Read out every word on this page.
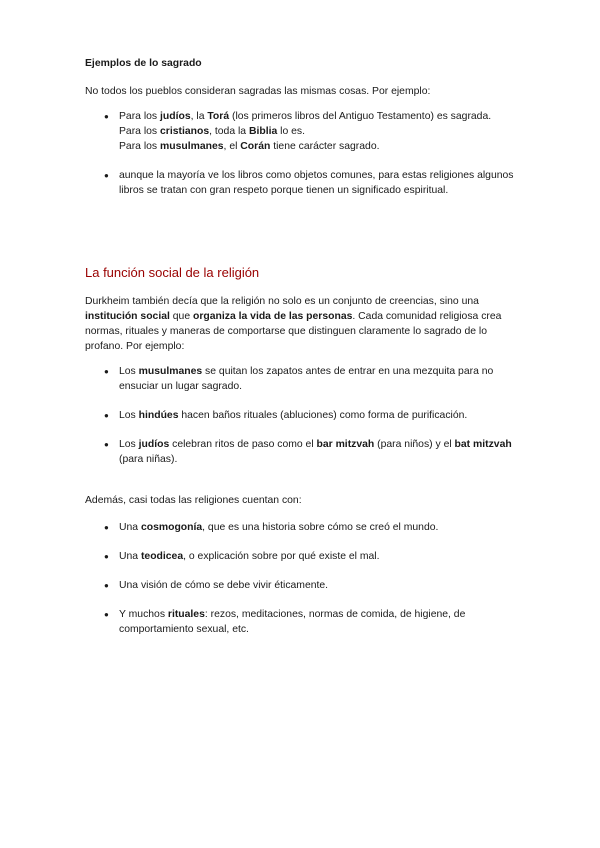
Ejemplos de lo sagrado

No todos los pueblos consideran sagradas las mismas cosas. Por ejemplo:

● Para los judíos, la Torá (los primeros libros del Antiguo Testamento) es sagrada.
Para los cristianos, toda la Biblia lo es.
Para los musulmanes, el Corán tiene carácter sagrado.
● aunque la mayoría ve los libros como objetos comunes, para estas religiones algunos libros se tratan con gran respeto porque tienen un significado espiritual.

La función social de la religión

Durkheim también decía que la religión no solo es un conjunto de creencias, sino una institución social que organiza la vida de las personas. Cada comunidad religiosa crea normas, rituales y maneras de comportarse que distinguen claramente lo sagrado de lo profano. Por ejemplo:

● Los musulmanes se quitan los zapatos antes de entrar en una mezquita para no ensuciar un lugar sagrado.
● Los hindúes hacen baños rituales (abluciones) como forma de purificación.
● Los judíos celebran ritos de paso como el bar mitzvah (para niños) y el bat mitzvah (para niñas).

Además, casi todas las religiones cuentan con:

● Una cosmogonía, que es una historia sobre cómo se creó el mundo.
● Una teodicea, o explicación sobre por qué existe el mal.
● Una visión de cómo se debe vivir éticamente.
● Y muchos rituales: rezos, meditaciones, normas de comida, de higiene, de comportamiento sexual, etc.
